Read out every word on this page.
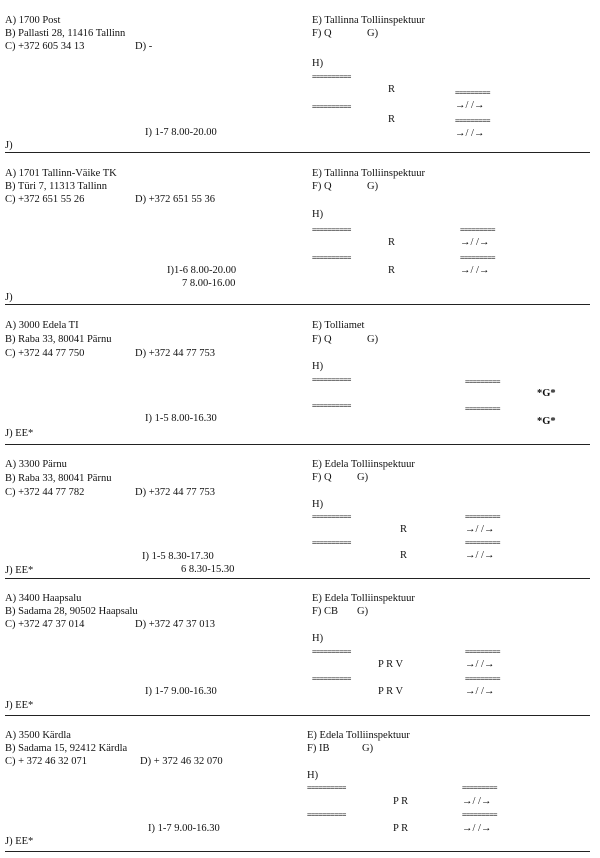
A) 1700 Post
B) Pallasti 28, 11416 Tallinn
C) +372 605 34 13	D) -
E) Tallinna Tolliinspektuur
F) Q	G)
H)
==========
R	=========
→/ /→
==========
R	=========
→/ /→
I) 1-7 8.00-20.00
J)
A) 1701 Tallinn-Väike TK
B) Türi 7, 11313 Tallinn
C) +372 651 55 26	D) +372 651 55 36
E) Tallinna Tolliinspektuur
F) Q	G)
H)
==========
R
=========
→/ /→
==========
R
=========
→/ /→
I)1-6 8.00-20.00
7 8.00-16.00
J)
A) 3000 Edela TI
B) Raba 33, 80041 Pärnu
C) +372 44 77 750	D) +372 44 77 753
E) Tolliamet
F) Q	G)
H)
==========	=========
*G*
==========	=========
*G*
I) 1-5 8.00-16.30
J) EE*
A) 3300 Pärnu
B) Raba 33, 80041 Pärnu
C) +372 44 77 782	D) +372 44 77 753
E) Edela Tolliinspektuur
F) Q G)
H)
==========
R
=========
→/ /→
==========
R
=========
→/ /→
I) 1-5 8.30-17.30
6 8.30-15.30
J) EE*
A) 3400 Haapsalu
B) Sadama 28, 90502 Haapsalu
C) +372 47 37 014	D) +372 47 37 013
E) Edela Tolliinspektuur
F) CB G)
H)
==========
P R V
=========
→/ /→
==========
P R V
=========
→/ /→
I) 1-7 9.00-16.30
J) EE*
A) 3500 Kärdla
B) Sadama 15, 92412 Kärdla
C) + 372 46 32 071	D) + 372 46 32 070
E) Edela Tolliinspektuur
F) IB	G)
H)
==========
P R
=========
→/ /→
==========
P R
=========
→/ /→
I) 1-7 9.00-16.30
J) EE*
